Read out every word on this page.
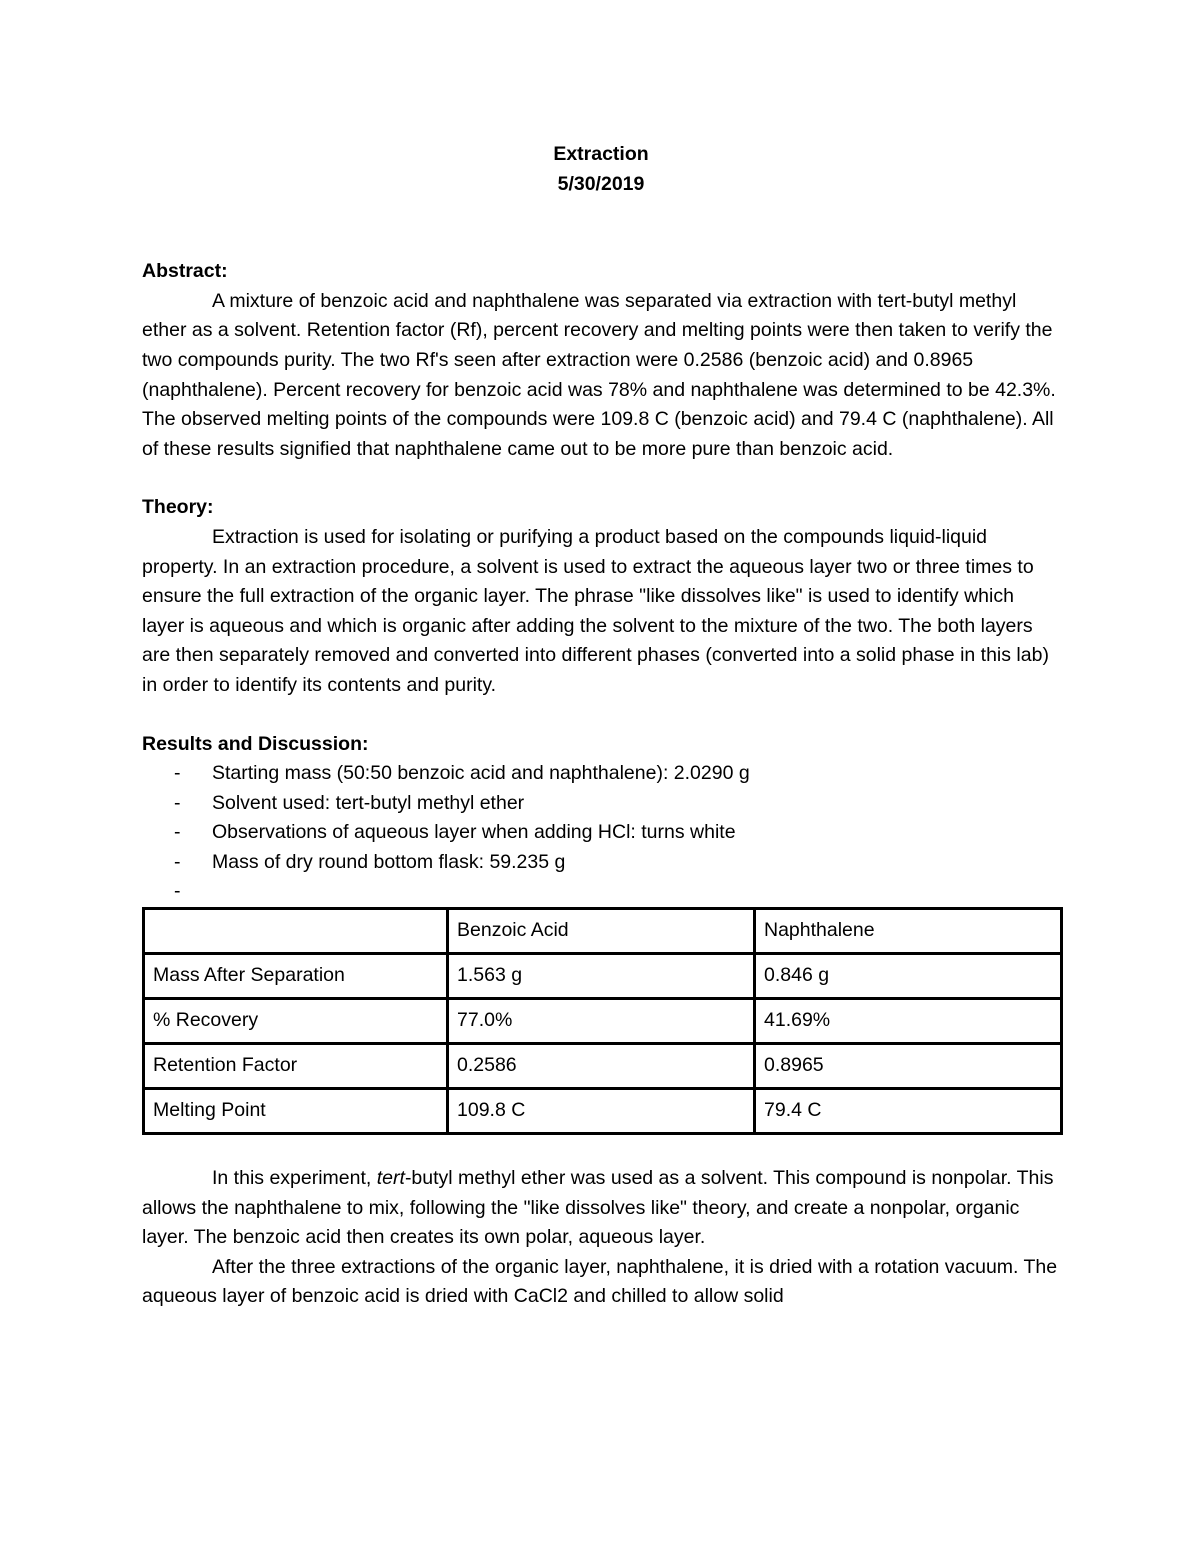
Extraction
5/30/2019
Abstract:

A mixture of benzoic acid and naphthalene was separated via extraction with tert-butyl methyl ether as a solvent. Retention factor (Rf), percent recovery and melting points were then taken to verify the two compounds purity. The two Rf's seen after extraction were 0.2586 (benzoic acid) and 0.8965 (naphthalene). Percent recovery for benzoic acid was 78% and naphthalene was determined to be 42.3%. The observed melting points of the compounds were 109.8 C (benzoic acid) and 79.4 C (naphthalene). All of these results signified that naphthalene came out to be more pure than benzoic acid.

Theory:

Extraction is used for isolating or purifying a product based on the compounds liquid-liquid property. In an extraction procedure, a solvent is used to extract the aqueous layer two or three times to ensure the full extraction of the organic layer. The phrase "like dissolves like" is used to identify which layer is aqueous and which is organic after adding the solvent to the mixture of the two. The both layers are then separately removed and converted into different phases (converted into a solid phase in this lab) in order to identify its contents and purity.

Results and Discussion:
- Starting mass (50:50 benzoic acid and naphthalene): 2.0290 g
- Solvent used: tert-butyl methyl ether
- Observations of aqueous layer when adding HCl: turns white
- Mass of dry round bottom flask: 59.235 g
-
	Benzoic Acid	Naphthalene
Mass After Separation	1.563 g	0.846 g
% Recovery	77.0%	41.69%
Retention Factor	0.2586	0.8965
Melting Point	109.8 C	79.4 C

In this experiment, tert-butyl methyl ether was used as a solvent. This compound is nonpolar. This allows the naphthalene to mix, following the "like dissolves like" theory, and create a nonpolar, organic layer. The benzoic acid then creates its own polar, aqueous layer.

After the three extractions of the organic layer, naphthalene, it is dried with a rotation vacuum. The aqueous layer of benzoic acid is dried with CaCl2 and chilled to allow solid
